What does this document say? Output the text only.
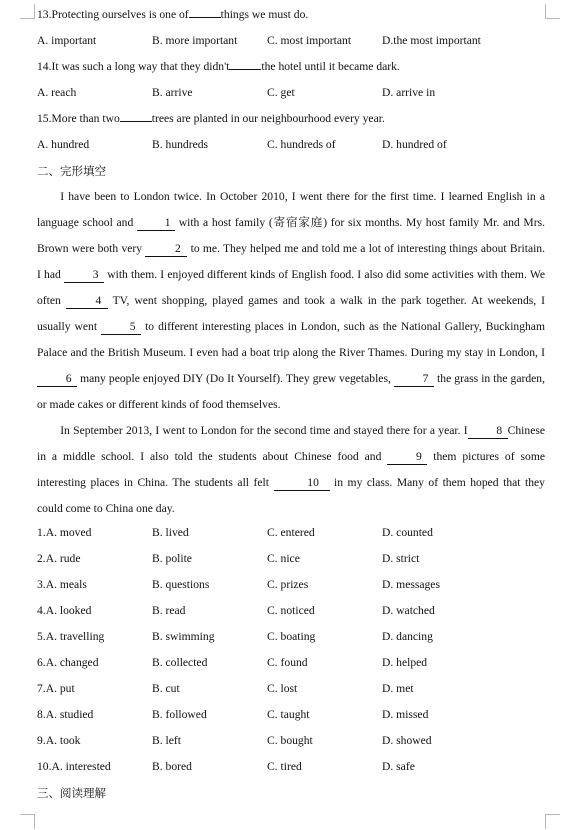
13.Protecting ourselves is one of	things we must do.
A. important	B. more important	C. most important	D.the most important
14.It was such a long way that they didn't	the hotel until it became dark.
A. reach	B. arrive	C. get	D. arrive in
15.More than two	trees are planted in our neighbourhood every year.
A. hundred	B. hundreds	C. hundreds of	D. hundred of
二、完形填空

I have been to London twice. In October 2010, I went there for the first time. I learned English in a language school and	1 with a host family (寄宿家庭) for six months. My host family Mr. and Mrs. Brown were both very	2 to me. They helped me and told me a lot of interesting things about Britain. I had	3 with them. I enjoyed different kinds of English food. I also did some activities with them. We often	4 TV, went shopping, played games and took a walk in the park together. At weekends, I usually went	5 to different interesting places in London, such as the National Gallery, Buckingham Palace and the British Museum. I even had a boat trip along the River Thames. During my stay in London, I 6 many people enjoyed DIY (Do It Yourself). They grew vegetables,	7 the grass in the garden, or made cakes or different kinds of food themselves.

In September 2013, I went to London for the second time and stayed there for a year. I 8 Chinese in a middle school. I also told the students about Chinese food and	9 them pictures of some interesting places in China. The students all felt	10 in my class. Many of them hoped that they could come to China one day.

1.A. moved	B. lived	C. entered	D. counted
2.A. rude	B. polite	C. nice	D. strict
3.A. meals	B. questions	C. prizes	D. messages
4.A. looked	B. read	C. noticed	D. watched
5.A. travelling	B. swimming	C. boating	D. dancing
6.A. changed	B. collected	C. found	D. helped
7.A. put	B. cut	C. lost	D. met
8.A. studied	B. followed	C. taught	D. missed
9.A. took	B. left	C. bought	D. showed
10.A. interested	B. bored	C. tired	D. safe
三、阅读理解
